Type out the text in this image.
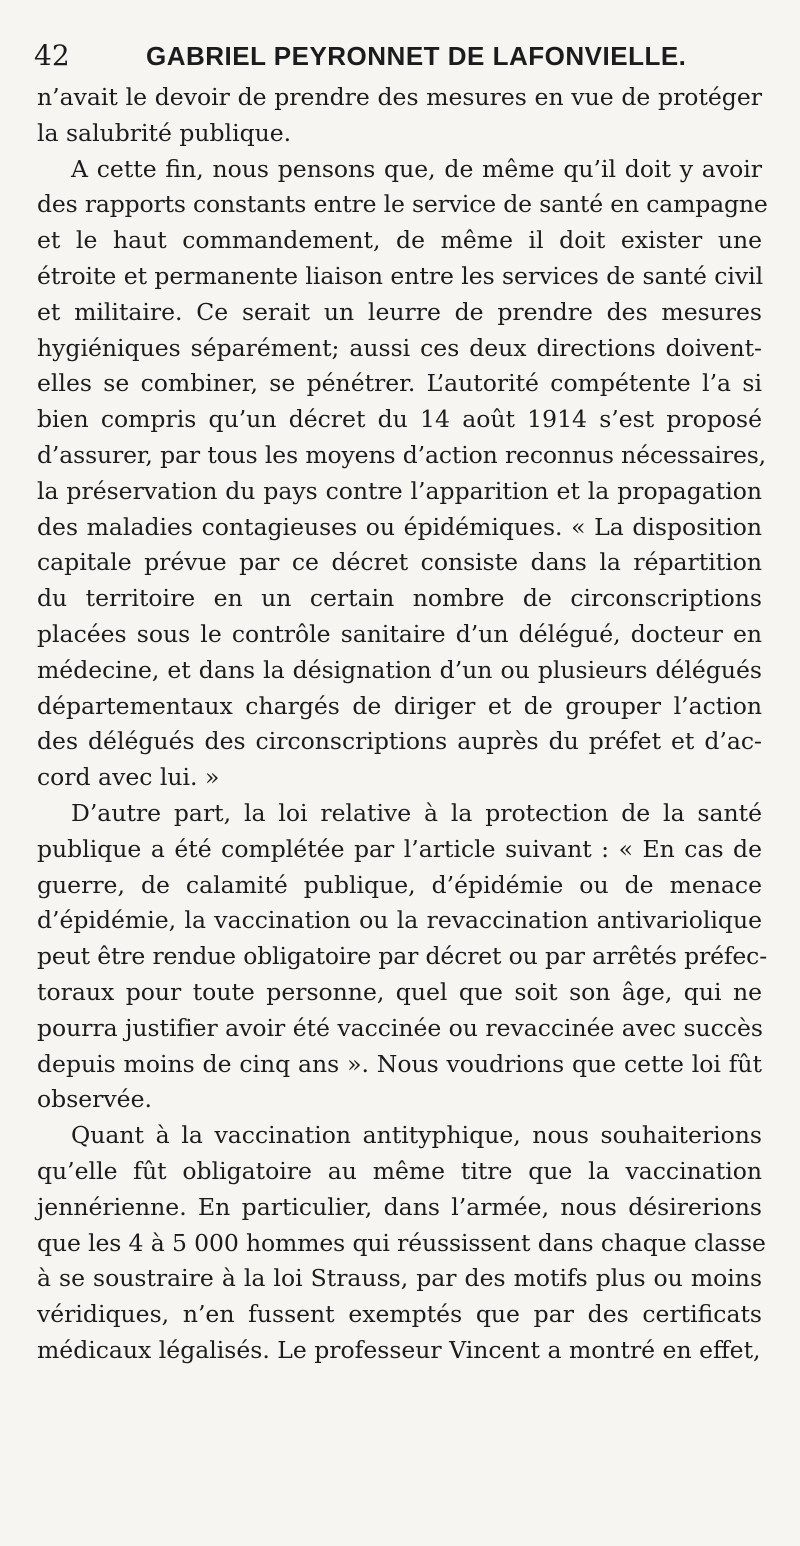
42	GABRIEL PEYRONNET DE LAFONVIELLE.
n’avait le devoir de prendre des mesures en vue de protéger
la salubrité publique.
A cette fin, nous pensons que, de même qu’il doit y avoir
des rapports constants entre le service de santé en campagne
et le haut commandement, de même il doit exister une
étroite et permanente liaison entre les services de santé civil
et militaire. Ce serait un leurre de prendre des mesures
hygiéniques séparément; aussi ces deux directions doivent-
elles se combiner, se pénétrer. L’autorité compétente l’a si
bien compris qu’un décret du 14 août 1914 s’est proposé
d’assurer, par tous les moyens d’action reconnus nécessaires,
la préservation du pays contre l’apparition et la propagation
des maladies contagieuses ou épidémiques. « La disposition
capitale prévue par ce décret consiste dans la répartition
du territoire en un certain nombre de circonscriptions
placées sous le contrôle sanitaire d’un délégué, docteur en
médecine, et dans la désignation d’un ou plusieurs délégués
départementaux chargés de diriger et de grouper l’action
des délégués des circonscriptions auprès du préfet et d’ac-
cord avec lui. »
D’autre part, la loi relative à la protection de la santé
publique a été complétée par l’article suivant : « En cas de
guerre, de calamité publique, d’épidémie ou de menace
d’épidémie, la vaccination ou la revaccination antivariolique
peut être rendue obligatoire par décret ou par arrêtés préfec-
toraux pour toute personne, quel que soit son âge, qui ne
pourra justifier avoir été vaccinée ou revaccinée avec succès
depuis moins de cinq ans ». Nous voudrions que cette loi fût
observée.
Quant à la vaccination antityphique, nous souhaiterions
qu’elle fût obligatoire au même titre que la vaccination
jennérienne. En particulier, dans l’armée, nous désirerions
que les 4 à 5 000 hommes qui réussissent dans chaque classe
à se soustraire à la loi Strauss, par des motifs plus ou moins
véridiques, n’en fussent exemptés que par des certificats
médicaux légalisés. Le professeur Vincent a montré en effet,
